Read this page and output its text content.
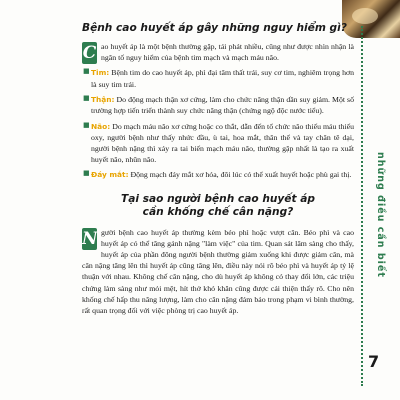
những điều cần biết
7
Bệnh cao huyết áp gây những nguy hiểm gì?

C ao huyết áp là một bệnh thường gặp, tái phát nhiều, cũng như được nhìn nhận là ngăn tố nguy hiểm của bệnh tim mạch và mạch máu não.

■ Tim: Bệnh tim do cao huyết áp, phì đại tâm thất trái, suy cơ tim, nghiêm trọng hơn là suy tim trái.

■ Thận: Do động mạch thận xơ cứng, làm cho chức năng thận dần suy giảm. Một số trường hợp tiến triển thành suy chức năng thận (chứng ngộ độc nước tiểu).

■ Não: Do mạch máu não xơ cứng hoặc co thắt, dẫn đến tổ chức não thiếu máu thiếu oxy, người bệnh như thấy nhức đầu, ù tai, hoa mắt, thân thể và tay chân tê dại, người bệnh nặng thì xảy ra tai biến mạch máu não, thường gặp nhất là tạo ra xuất huyết não, nhũn não.

■ Đáy mắt: Động mạch đáy mắt xơ hóa, đôi lúc có thể xuất huyết hoặc phù gai thị.

Tại sao người bệnh cao huyết áp
cần khống chế cân nặng?

N gười bệnh cao huyết áp thường kèm béo phì hoặc vượt cân. Béo phì và cao huyết áp có thể tăng gánh nặng "làm việc" của tim. Quan sát lâm sàng cho thấy, huyết áp của phần đông người bệnh thường giảm xuống khi được giảm cân, mà cân nặng tăng lên thì huyết áp cũng tăng lên, điều này nói rõ béo phì và huyết áp tỷ lệ thuận với nhau. Không chế cân nặng, cho dù huyết áp không có thay đổi lớn, các triệu chứng làm sàng như mỏi mệt, hít thở khó khăn cũng được cải thiện thấy rõ. Cho nên khống chế hấp thu năng lượng, làm cho cân nặng đảm bảo trong phạm vi bình thường, rất quan trọng đối với việc phòng trị cao huyết áp.
